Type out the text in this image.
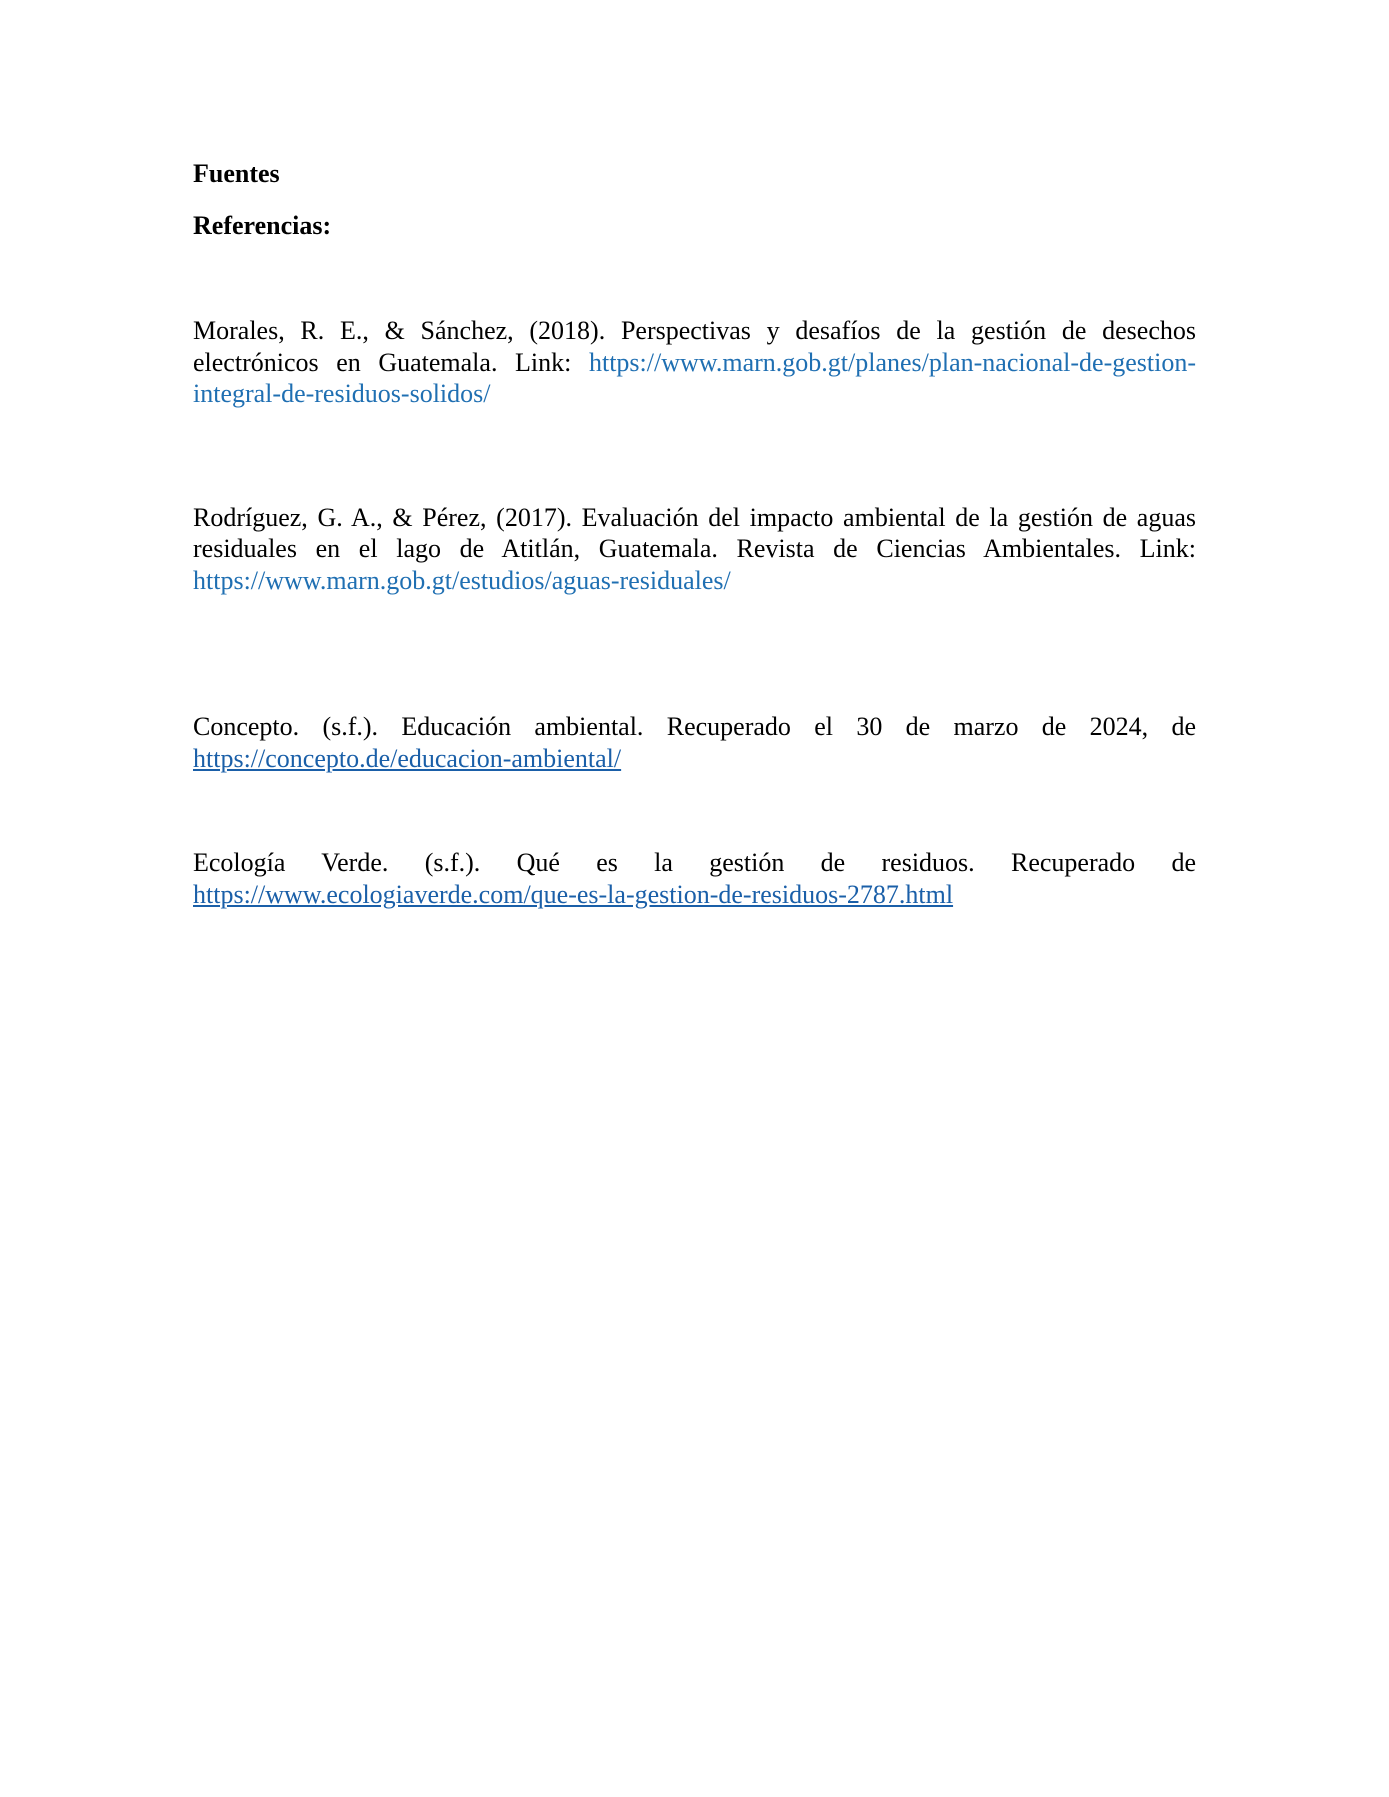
Fuentes

Referencias:

Morales, R. E., & Sánchez, (2018). Perspectivas y desafíos de la gestión de desechos electrónicos en Guatemala. Link: https://www.marn.gob.gt/planes/plan-nacional-de-gestion-integral-de-residuos-solidos/

Rodríguez, G. A., & Pérez, (2017). Evaluación del impacto ambiental de la gestión de aguas residuales en el lago de Atitlán, Guatemala. Revista de Ciencias Ambientales. Link: https://www.marn.gob.gt/estudios/aguas-residuales/

Concepto. (s.f.). Educación ambiental. Recuperado el 30 de marzo de 2024, de https://concepto.de/educacion-ambiental/

Ecología Verde. (s.f.). Qué es la gestión de residuos. Recuperado de https://www.ecologiaverde.com/que-es-la-gestion-de-residuos-2787.html
